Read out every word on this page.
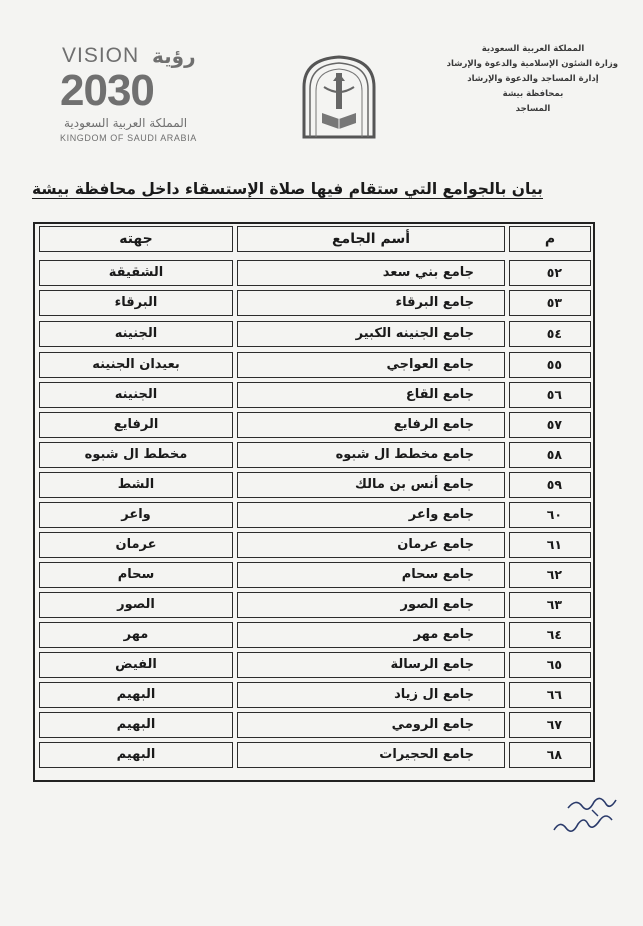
VISION رؤية
2030
المملكة العربية السعودية
KINGDOM OF SAUDI ARABIA
المملكة العربية السعودية
وزارة الشئون الإسلامية والدعوة والإرشاد
إدارة المساجد والدعوة والإرشاد
بمحافظة بيشة
المساجد
بيان بالجوامع التي ستقام فيها صلاة الإستسقاء داخل محافظة بيشة
م
أسم الجامع
جهته
٥٢
جامع بني سعد
الشقيقة
٥٣
جامع البرقاء
البرقاء
٥٤
جامع الجنينه الكبير
الجنينه
٥٥
جامع العواجي
بعيدان الجنينه
٥٦
جامع القاع
الجنينه
٥٧
جامع الرفايع
الرفايع
٥٨
جامع مخطط ال شبوه
مخطط ال شبوه
٥٩
جامع أنس بن مالك
الشط
٦٠
جامع واعر
واعر
٦١
جامع عرمان
عرمان
٦٢
جامع سحام
سحام
٦٣
جامع الصور
الصور
٦٤
جامع مهر
مهر
٦٥
جامع الرسالة
الفيض
٦٦
جامع ال زياد
البهيم
٦٧
جامع الرومي
البهيم
٦٨
جامع الحجيرات
البهيم
